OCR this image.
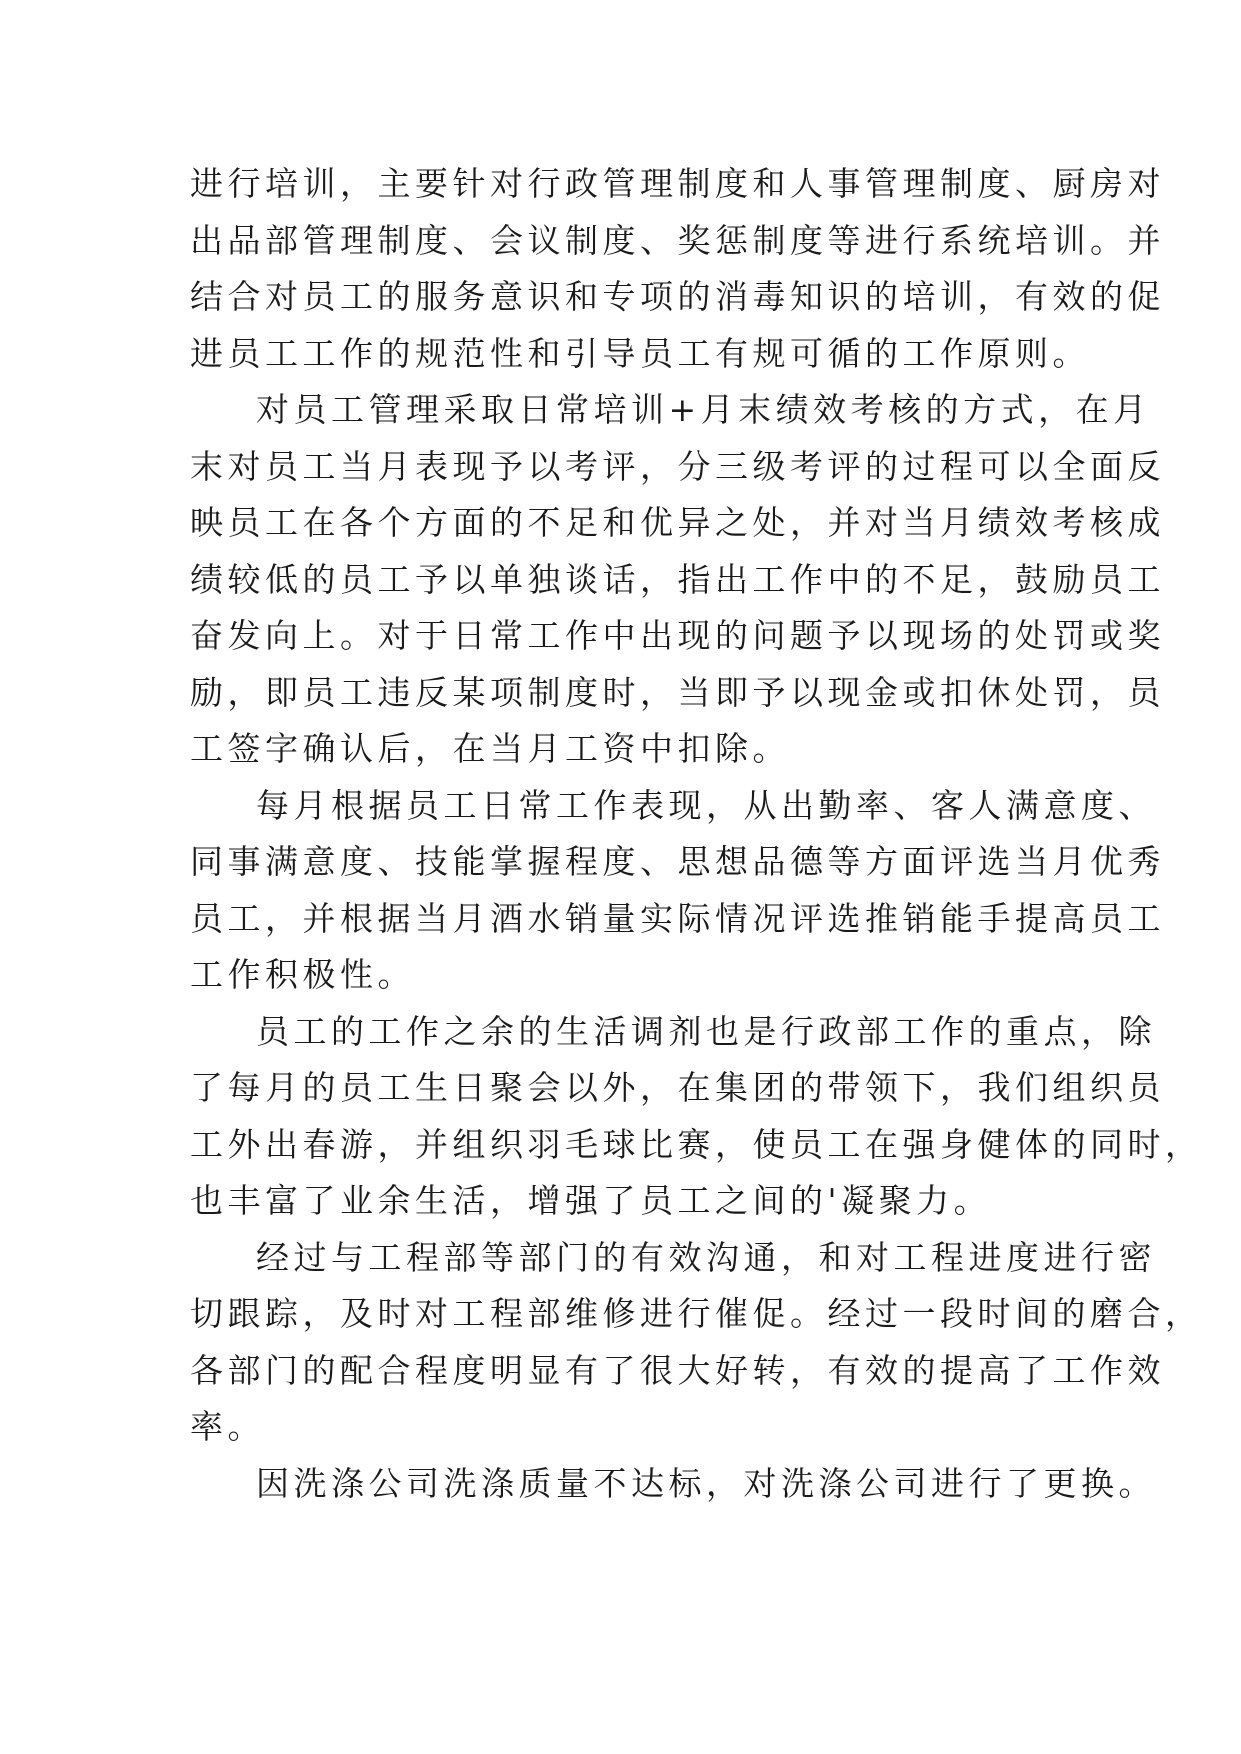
进行培训，主要针对行政管理制度和人事管理制度、厨房对
出品部管理制度、会议制度、奖惩制度等进行系统培训。并
结合对员工的服务意识和专项的消毒知识的培训，有效的促
进员工工作的规范性和引导员工有规可循的工作原则。
对员工管理采取日常培训+月末绩效考核的方式，在月
末对员工当月表现予以考评，分三级考评的过程可以全面反
映员工在各个方面的不足和优异之处，并对当月绩效考核成
绩较低的员工予以单独谈话，指出工作中的不足，鼓励员工
奋发向上。对于日常工作中出现的问题予以现场的处罚或奖
励，即员工违反某项制度时，当即予以现金或扣休处罚，员
工签字确认后，在当月工资中扣除。
每月根据员工日常工作表现，从出勤率、客人满意度、
同事满意度、技能掌握程度、思想品德等方面评选当月优秀
员工，并根据当月酒水销量实际情况评选推销能手提高员工
工作积极性。
员工的工作之余的生活调剂也是行政部工作的重点，除
了每月的员工生日聚会以外，在集团的带领下，我们组织员
工外出春游，并组织羽毛球比赛，使员工在强身健体的同时，
也丰富了业余生活，增强了员工之间的'凝聚力。
经过与工程部等部门的有效沟通，和对工程进度进行密
切跟踪，及时对工程部维修进行催促。经过一段时间的磨合，
各部门的配合程度明显有了很大好转，有效的提高了工作效
率。
因洗涤公司洗涤质量不达标，对洗涤公司进行了更换。
